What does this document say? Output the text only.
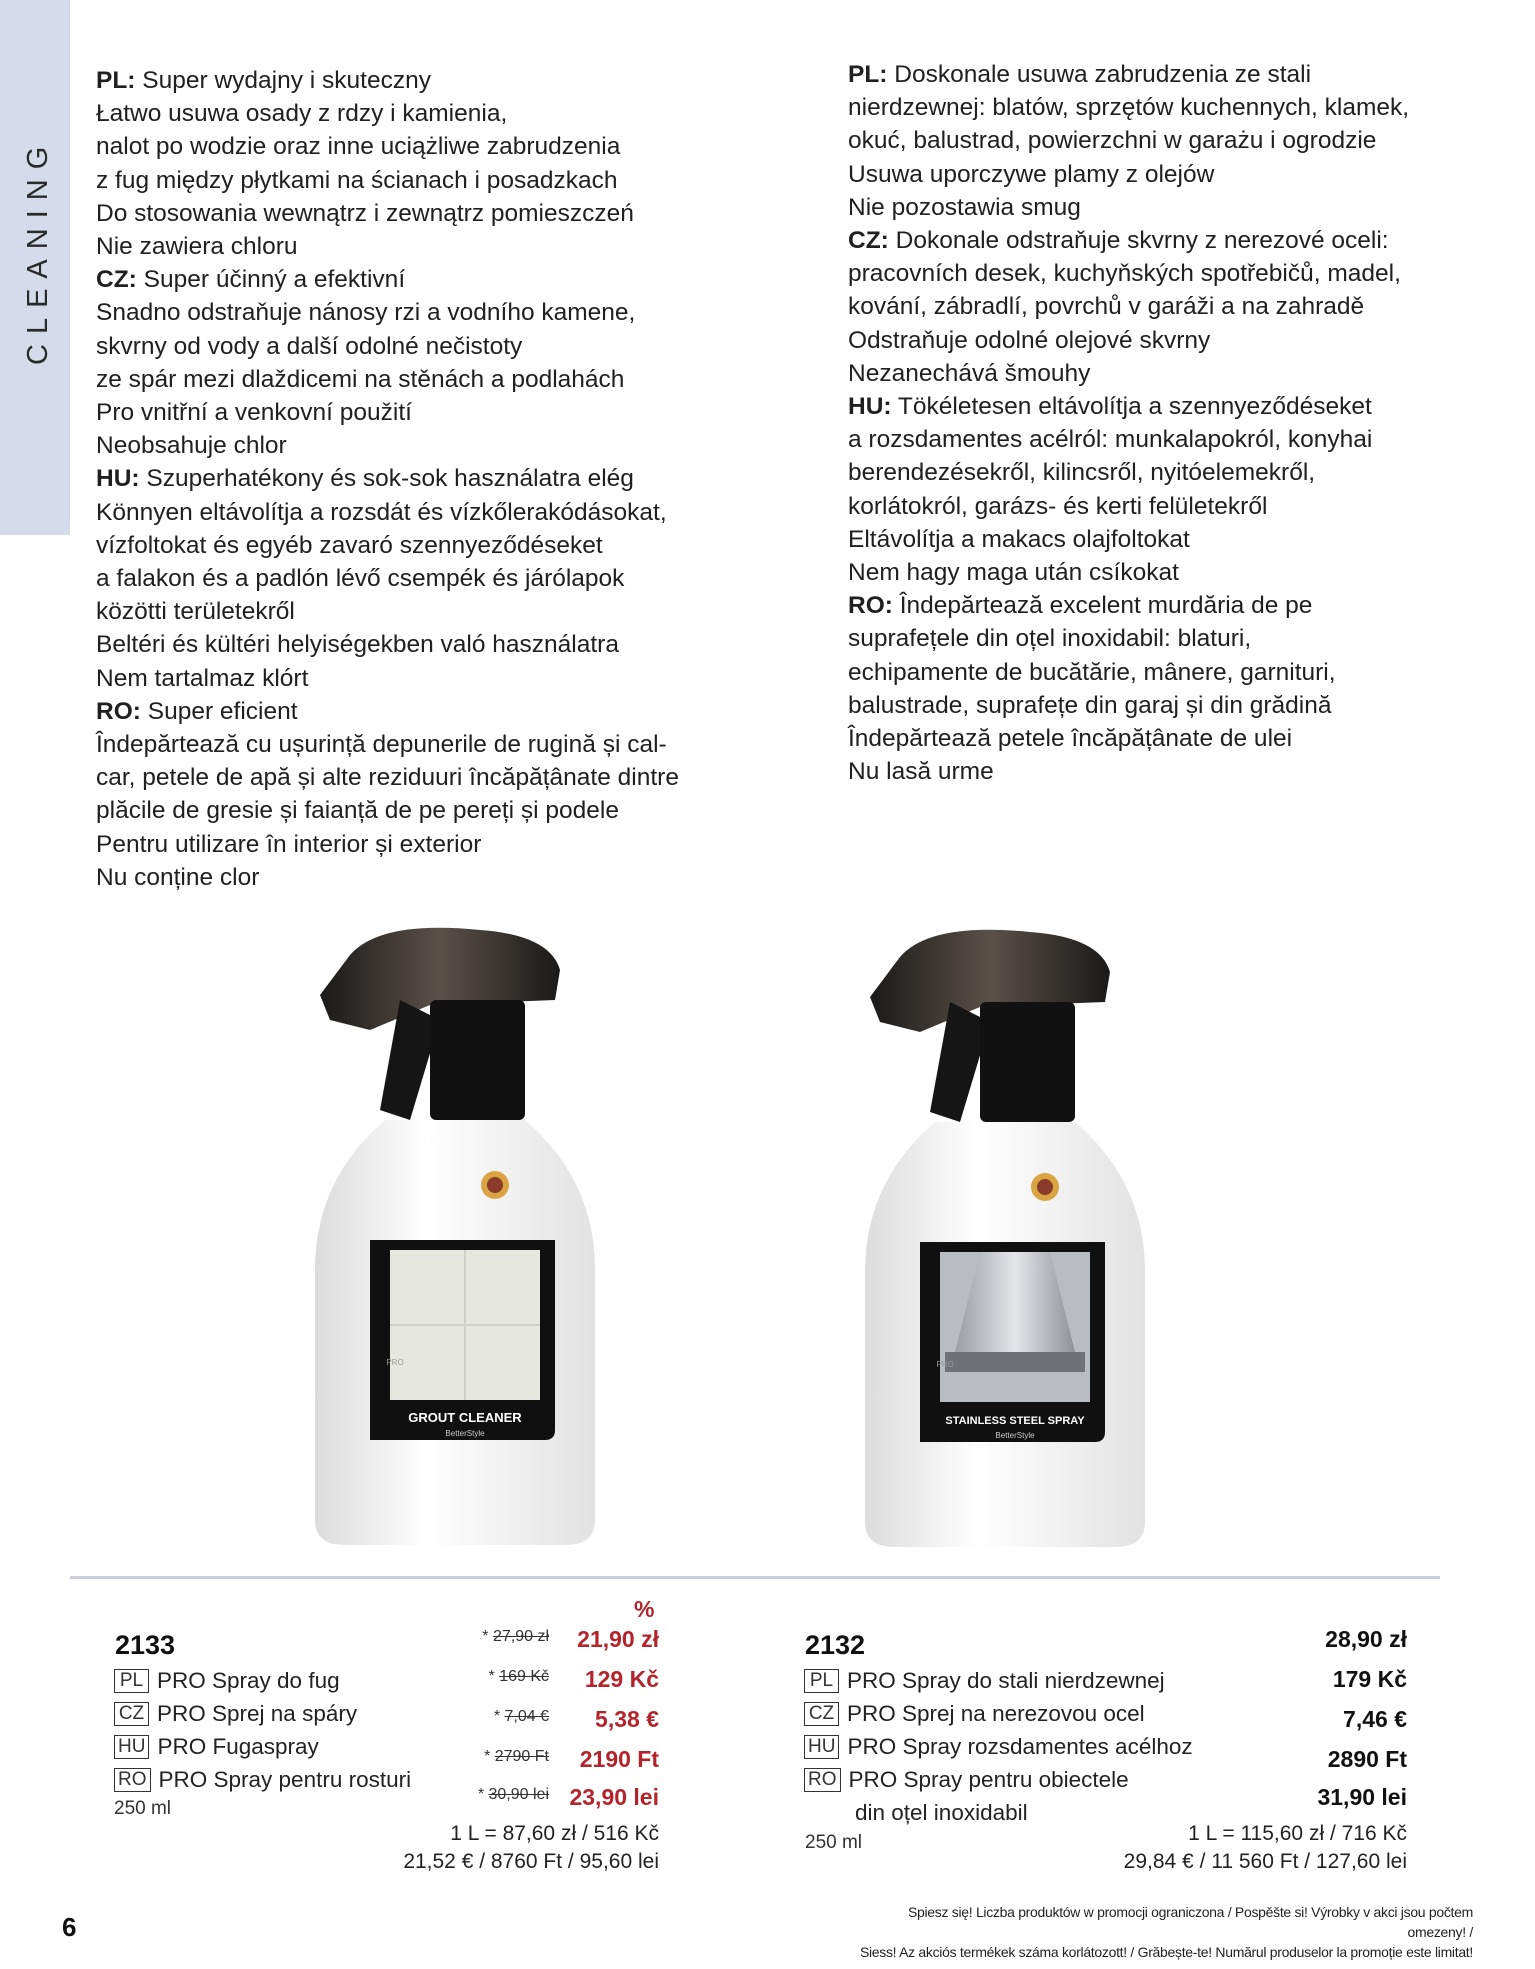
CLEANING
PL: Super wydajny i skuteczny
Łatwo usuwa osady z rdzy i kamienia,
nalot po wodzie oraz inne uciążliwe zabrudzenia
z fug między płytkami na ścianach i posadzkach
Do stosowania wewnątrz i zewnątrz pomieszczeń
Nie zawiera chloru
CZ: Super účinný a efektivní
Snadno odstraňuje nánosy rzi a vodního kamene,
skvrny od vody a další odolné nečistoty
ze spár mezi dlaždicemi na stěnách a podlahách
Pro vnitřní a venkovní použití
Neobsahuje chlor
HU: Szuperhatékony és sok-sok használatra elég
Könnyen eltávolítja a rozsdát és vízkőlerakódásokat,
vízfoltokat és egyéb zavaró szennyeződéseket
a falakon és a padlón lévő csempék és járólapok
közötti területekről
Beltéri és kültéri helyiségekben való használatra
Nem tartalmaz klórt
RO: Super eficient
Îndepărtează cu ușurință depunerile de rugină și cal-
car, petele de apă și alte reziduuri încăpățânate dintre
plăcile de gresie și faianță de pe pereți și podele
Pentru utilizare în interior și exterior
Nu conține clor
PL: Doskonale usuwa zabrudzenia ze stali
nierdzewnej: blatów, sprzętów kuchennych, klamek,
okuć, balustrad, powierzchni w garażu i ogrodzie
Usuwa uporczywe plamy z olejów
Nie pozostawia smug
CZ: Dokonale odstraňuje skvrny z nerezové oceli:
pracovních desek, kuchyňských spotřebičů, madel,
kování, zábradlí, povrchů v garáži a na zahradě
Odstraňuje odolné olejové skvrny
Nezanechává šmouhy
HU: Tökéletesen eltávolítja a szennyeződéseket
a rozsdamentes acélról: munkalapokról, konyhai
berendezésekről, kilincsről, nyitóelemekről,
korlátokról, garázs- és kerti felületekről
Eltávolítja a makacs olajfoltokat
Nem hagy maga után csíkokat
RO: Îndepărtează excelent murdăria de pe
suprafețele din oțel inoxidabil: blaturi,
echipamente de bucătărie, mânere, garnituri,
balustrade, suprafețe din garaj și din grădină
Îndepărtează petele încăpățânate de ulei
Nu lasă urme
GROUT CLEANER
BetterStyle
PRO
STAINLESS STEEL SPRAY
BetterStyle
PRO
2133
PL PRO Spray do fug
CZ PRO Sprej na spáry
HU PRO Fugaspray
RO PRO Spray pentru rosturi
250 ml
%
* 27,90 zł
* 169 Kč
* 7,04 €
* 2790 Ft
* 30,90 lei
21,90 zł
129 Kč
5,38 €
2190 Ft
23,90 lei
1 L = 87,60 zł / 516 Kč
21,52 € / 8760 Ft / 95,60 lei
2132
PL PRO Spray do stali nierdzewnej
CZ PRO Sprej na nerezovou ocel
HU PRO Spray rozsdamentes acélhoz
RO PRO Spray pentru obiectele
din oțel inoxidabil
250 ml
28,90 zł
179 Kč
7,46 €
2890 Ft
31,90 lei
1 L = 115,60 zł / 716 Kč
29,84 € / 11 560 Ft / 127,60 lei
6	Spiesz się! Liczba produktów w promocji ograniczona / Pospěšte si! Výrobky v akci jsou počtem omezeny! /
Siess! Az akciós termékek száma korlátozott! / Grăbește-te! Numărul produselor la promoție este limitat!
